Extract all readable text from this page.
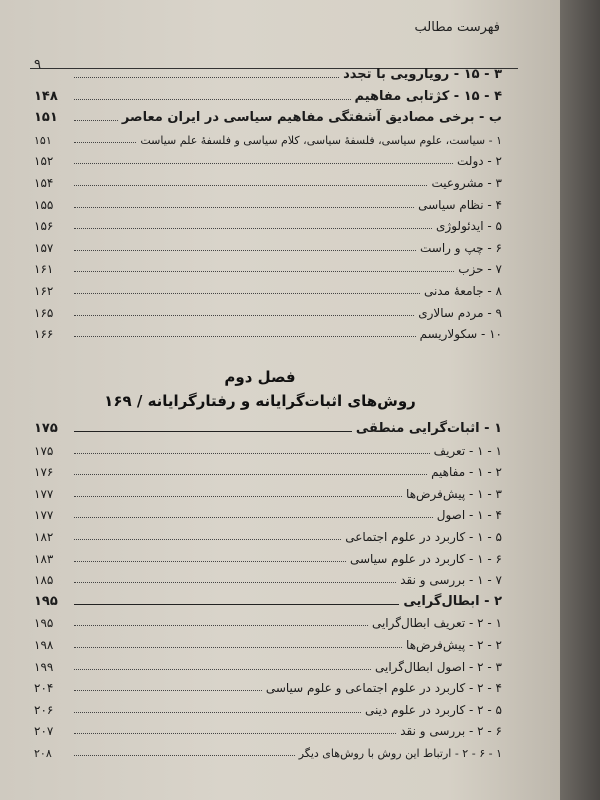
فهرست مطالب
۹
۳ - ۱۵ - رویارویی با تجدد
۴ - ۱۵ - کژتابی مفاهیم
۱۴۸
ب - برخی مصادیق آشفتگی مفاهیم سیاسی در ایران معاصر
۱۵۱
۱ - سیاست، علوم سیاسی، فلسفهٔ سیاسی، کلام سیاسی و فلسفهٔ علم سیاست
۱۵۱
۲ - دولت
۱۵۲
۳ - مشروعیت
۱۵۴
۴ - نظام سیاسی
۱۵۵
۵ - ایدئولوژی
۱۵۶
۶ - چپ و راست
۱۵۷
۷ - حزب
۱۶۱
۸ - جامعهٔ مدنی
۱۶۲
۹ - مردم سالاری
۱۶۵
۱۰ - سکولاریسم
۱۶۶
فصل دوم
روش‌های اثبات‌گرایانه و رفتارگرایانه / ۱۶۹
۱ - اثبات‌گرایی منطقی
۱۷۵
۱ - ۱ - تعریف
۱۷۵
۲ - ۱ - مفاهیم
۱۷۶
۳ - ۱ - پیش‌فرض‌ها
۱۷۷
۴ - ۱ - اصول
۱۷۷
۵ - ۱ - کاربرد در علوم اجتماعی
۱۸۲
۶ - ۱ - کاربرد در علوم سیاسی
۱۸۳
۷ - ۱ - بررسی و نقد
۱۸۵
۲ - ابطال‌گرایی
۱۹۵
۱ - ۲ - تعریف ابطال‌گرایی
۱۹۵
۲ - ۲ - پیش‌فرض‌ها
۱۹۸
۳ - ۲ - اصول ابطال‌گرایی
۱۹۹
۴ - ۲ - کاربرد در علوم اجتماعی و علوم سیاسی
۲۰۴
۵ - ۲ - کاربرد در علوم دینی
۲۰۶
۶ - ۲ - بررسی و نقد
۲۰۷
۱ - ۶ - ۲ - ارتباط این روش با روش‌های دیگر
۲۰۸
